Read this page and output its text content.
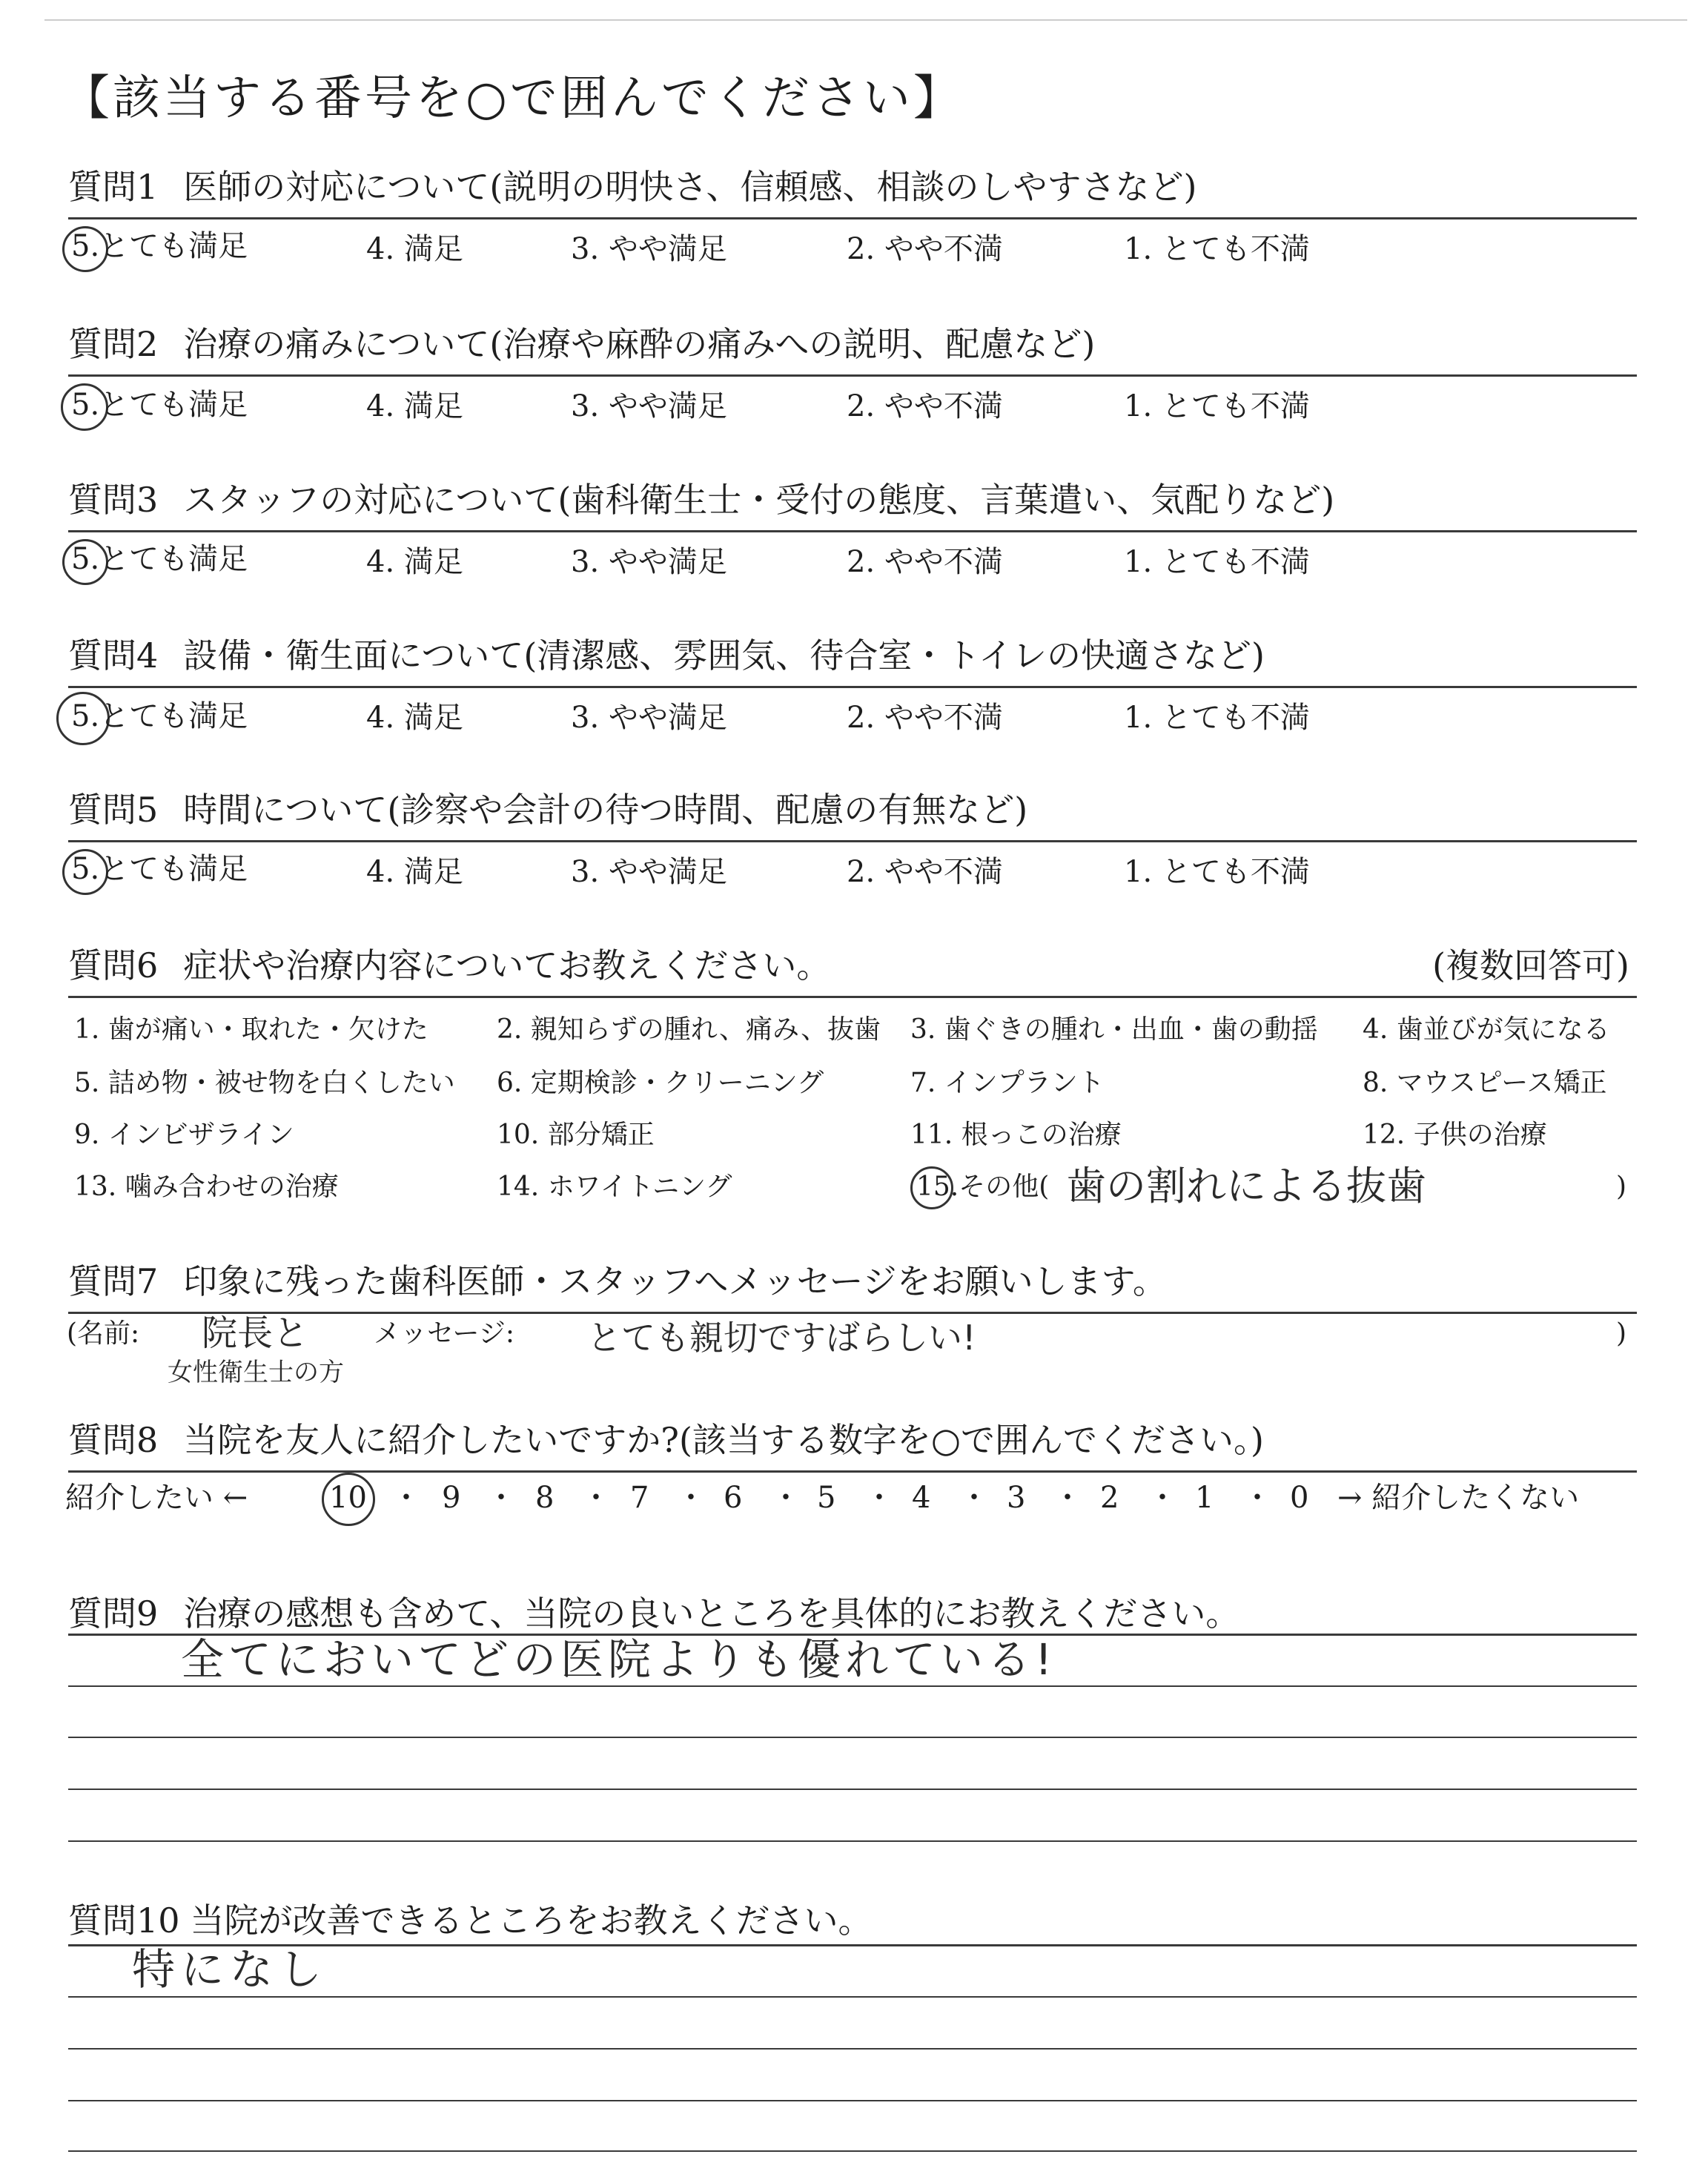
【該当する番号を○で囲んでください】
質問1 医師の対応について(説明の明快さ、信頼感、相談のしやすさなど)
5.とても満足	4. 満足	3. やや満足	2. やや不満	1. とても不満
質問2 治療の痛みについて(治療や麻酔の痛みへの説明、配慮など)
5.とても満足	4. 満足	3. やや満足	2. やや不満	1. とても不満
質問3 スタッフの対応について(歯科衛生士・受付の態度、言葉遣い、気配りなど)
5.とても満足	4. 満足	3. やや満足	2. やや不満	1. とても不満
質問4 設備・衛生面について(清潔感、雰囲気、待合室・トイレの快適さなど)
5.とても満足	4. 満足	3. やや満足	2. やや不満	1. とても不満
質問5 時間について(診察や会計の待つ時間、配慮の有無など)
5.とても満足	4. 満足	3. やや満足	2. やや不満	1. とても不満
質問6 症状や治療内容についてお教えください。	(複数回答可)
1. 歯が痛い・取れた・欠けた	2. 親知らずの腫れ、痛み、抜歯 3. 歯ぐきの腫れ・出血・歯の動揺 4. 歯並びが気になる
5. 詰め物・被せ物を白くしたい 6. 定期検診・クリーニング	7. インプラント	8. マウスピース矯正
9. インビザライン	10. 部分矯正	11. 根っこの治療	12. 子供の治療
13. 噛み合わせの治療	14. ホワイトニング	15.その他( 歯の割れによる抜歯	)
質問7 印象に残った歯科医師・スタッフへメッセージをお願いします。
(名前: 院長と
女性衛生士の方
メッセージ: とても親切ですばらしい!	)
質問8 当院を友人に紹介したいですか?(該当する数字を○で囲んでください。)
紹介したい ←	10 ・ 9 ・ 8 ・ 7 ・ 6 ・ 5 ・ 4 ・ 3 ・ 2 ・ 1 ・ 0 → 紹介したくない
質問9 治療の感想も含めて、当院の良いところを具体的にお教えください。
全てにおいてどの医院よりも優れている!
質問10 当院が改善できるところをお教えください。
特になし
